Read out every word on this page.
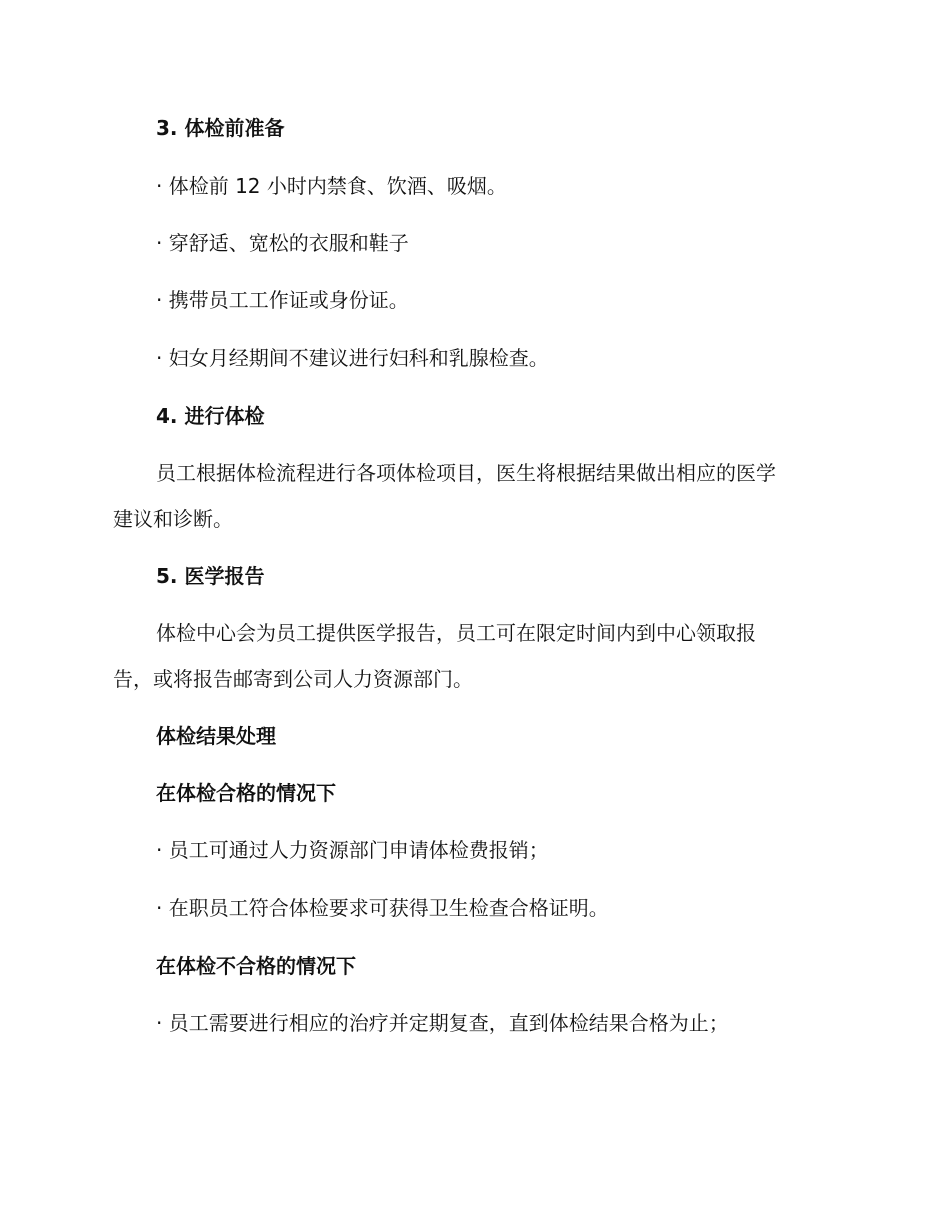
3. 体检前准备
· 体检前 12 小时内禁食、饮酒、吸烟。
· 穿舒适、宽松的衣服和鞋子
· 携带员工工作证或身份证。
· 妇女月经期间不建议进行妇科和乳腺检查。
4. 进行体检
员工根据体检流程进行各项体检项目，医生将根据结果做出相应的医学
建议和诊断。
5. 医学报告
体检中心会为员工提供医学报告，员工可在限定时间内到中心领取报
告，或将报告邮寄到公司人力资源部门。
体检结果处理
在体检合格的情况下
· 员工可通过人力资源部门申请体检费报销；
· 在职员工符合体检要求可获得卫生检查合格证明。
在体检不合格的情况下
· 员工需要进行相应的治疗并定期复查，直到体检结果合格为止；
